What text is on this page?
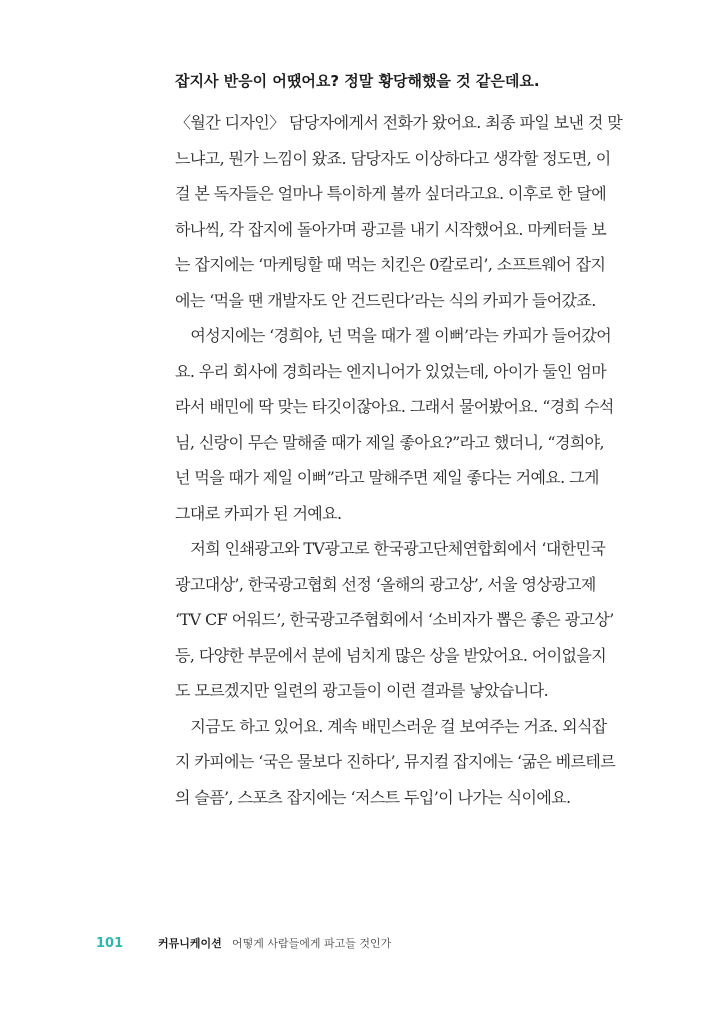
잡지사 반응이 어땠어요? 정말 황당해했을 것 같은데요.
〈월간 디자인〉 담당자에게서 전화가 왔어요. 최종 파일 보낸 것 맞
느냐고, 뭔가 느낌이 왔죠. 담당자도 이상하다고 생각할 정도면, 이
걸 본 독자들은 얼마나 특이하게 볼까 싶더라고요. 이후로 한 달에
하나씩, 각 잡지에 돌아가며 광고를 내기 시작했어요. 마케터들 보
는 잡지에는 ‘마케팅할 때 먹는 치킨은 0칼로리’, 소프트웨어 잡지
에는 ‘먹을 땐 개발자도 안 건드린다’라는 식의 카피가 들어갔죠.
　여성지에는 ‘경희야, 넌 먹을 때가 젤 이뻐’라는 카피가 들어갔어
요. 우리 회사에 경희라는 엔지니어가 있었는데, 아이가 둘인 엄마
라서 배민에 딱 맞는 타깃이잖아요. 그래서 물어봤어요. “경희 수석
님, 신랑이 무슨 말해줄 때가 제일 좋아요?”라고 했더니, “경희야,
넌 먹을 때가 제일 이뻐”라고 말해주면 제일 좋다는 거예요. 그게
그대로 카피가 된 거예요.
　저희 인쇄광고와 TV광고로 한국광고단체연합회에서 ‘대한민국
광고대상’, 한국광고협회 선정 ‘올해의 광고상’, 서울 영상광고제
‘TV CF 어워드’, 한국광고주협회에서 ‘소비자가 뽑은 좋은 광고상’
등, 다양한 부문에서 분에 넘치게 많은 상을 받았어요. 어이없을지
도 모르겠지만 일련의 광고들이 이런 결과를 낳았습니다.
　지금도 하고 있어요. 계속 배민스러운 걸 보여주는 거죠. 외식잡
지 카피에는 ‘국은 물보다 진하다’, 뮤지컬 잡지에는 ‘굶은 베르테르
의 슬픔’, 스포츠 잡지에는 ‘저스트 두입’이 나가는 식이에요.
101	커뮤니케이션 어떻게 사람들에게 파고들 것인가
